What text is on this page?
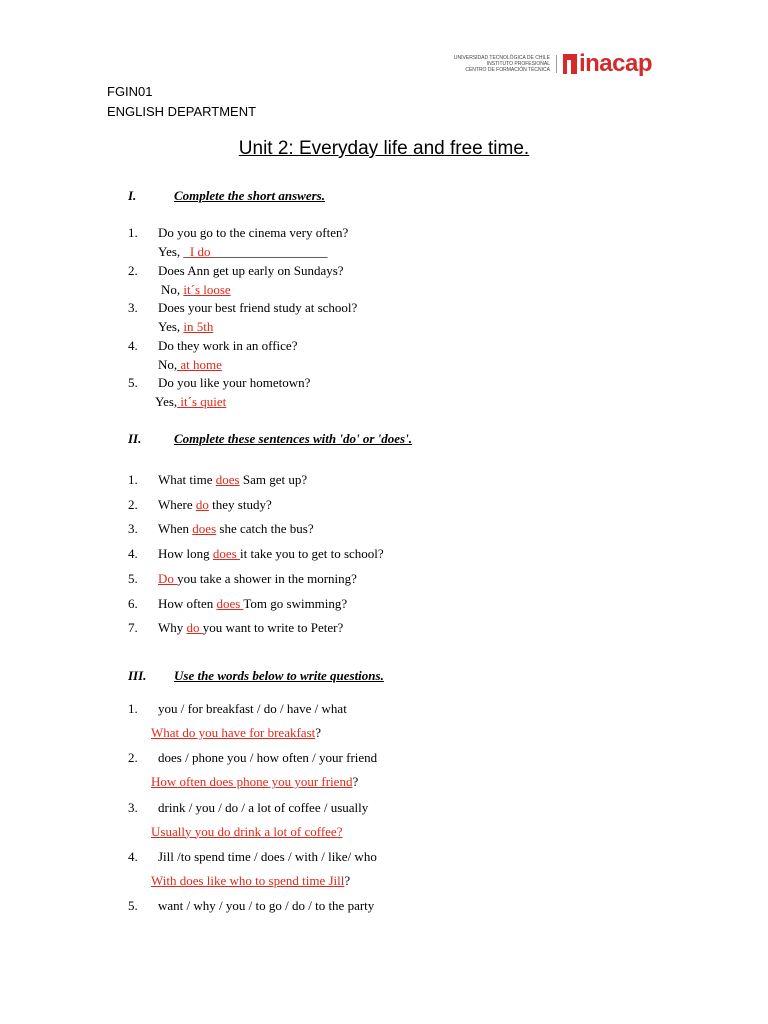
UNIVERSIDAD TECNOLÓGICA DE CHILE
INSTITUTO PROFESIONAL
CENTRO DE FORMACIÓN TÉCNICA inacap
FGIN01
ENGLISH DEPARTMENT
Unit 2: Everyday life and free time.
I.	Complete the short answers.
1. Do you go to the cinema very often?
Yes, _I do__________________
2. Does Ann get up early on Sundays?
No, it´s loose
3. Does your best friend study at school?
Yes, in 5th
4. Do they work in an office?
No, at home
5. Do you like your hometown?
Yes, it´s quiet
II.	Complete these sentences with 'do' or 'does'.
1. What time does Sam get up?
2. Where do they study?
3. When does she catch the bus?
4. How long does it take you to get to school?
5. Do you take a shower in the morning?
6. How often does Tom go swimming?
7. Why do you want to write to Peter?
III. Use the words below to write questions.
1. you / for breakfast / do / have / what
What do you have for breakfast?
2. does / phone you / how often / your friend
How often does phone you your friend?
3. drink / you / do / a lot of coffee / usually
Usually you do drink a lot of coffee?
4. Jill /to spend time / does / with / like/ who
With does like who to spend time Jill?
5. want / why / you / to go / do / to the party
